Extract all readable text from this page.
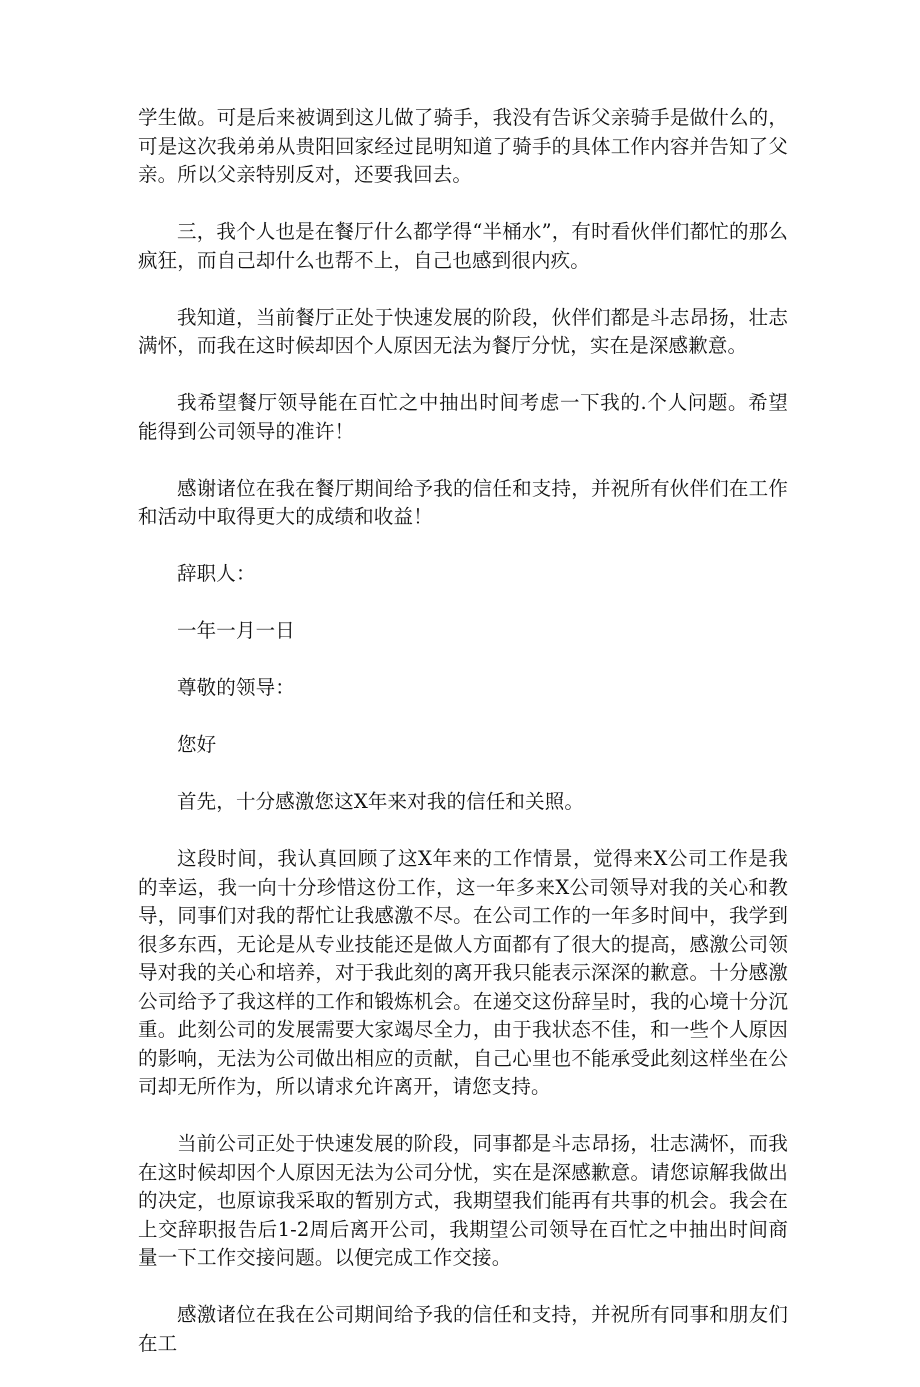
学生做。可是后来被调到这儿做了骑手，我没有告诉父亲骑手是做什么的，可是这次我弟弟从贵阳回家经过昆明知道了骑手的具体工作内容并告知了父亲。所以父亲特别反对，还要我回去。

三，我个人也是在餐厅什么都学得“半桶水”，有时看伙伴们都忙的那么疯狂，而自己却什么也帮不上，自己也感到很内疚。

我知道，当前餐厅正处于快速发展的阶段，伙伴们都是斗志昂扬，壮志满怀，而我在这时候却因个人原因无法为餐厅分忧，实在是深感歉意。

我希望餐厅领导能在百忙之中抽出时间考虑一下我的.个人问题。希望能得到公司领导的准许！

感谢诸位在我在餐厅期间给予我的信任和支持，并祝所有伙伴们在工作和活动中取得更大的成绩和收益！

辞职人：

一年一月一日

尊敬的领导：

您好

首先，十分感激您这X年来对我的信任和关照。

这段时间，我认真回顾了这X年来的工作情景，觉得来X公司工作是我的幸运，我一向十分珍惜这份工作，这一年多来X公司领导对我的关心和教导，同事们对我的帮忙让我感激不尽。在公司工作的一年多时间中，我学到很多东西，无论是从专业技能还是做人方面都有了很大的提高，感激公司领导对我的关心和培养，对于我此刻的离开我只能表示深深的歉意。十分感激公司给予了我这样的工作和锻炼机会。在递交这份辞呈时，我的心境十分沉重。此刻公司的发展需要大家竭尽全力，由于我状态不佳，和一些个人原因的影响，无法为公司做出相应的贡献，自己心里也不能承受此刻这样坐在公司却无所作为，所以请求允许离开，请您支持。

当前公司正处于快速发展的阶段，同事都是斗志昂扬，壮志满怀，而我在这时候却因个人原因无法为公司分忧，实在是深感歉意。请您谅解我做出的决定，也原谅我采取的暂别方式，我期望我们能再有共事的机会。我会在上交辞职报告后1-2周后离开公司，我期望公司领导在百忙之中抽出时间商量一下工作交接问题。以便完成工作交接。

感激诸位在我在公司期间给予我的信任和支持，并祝所有同事和朋友们在工
